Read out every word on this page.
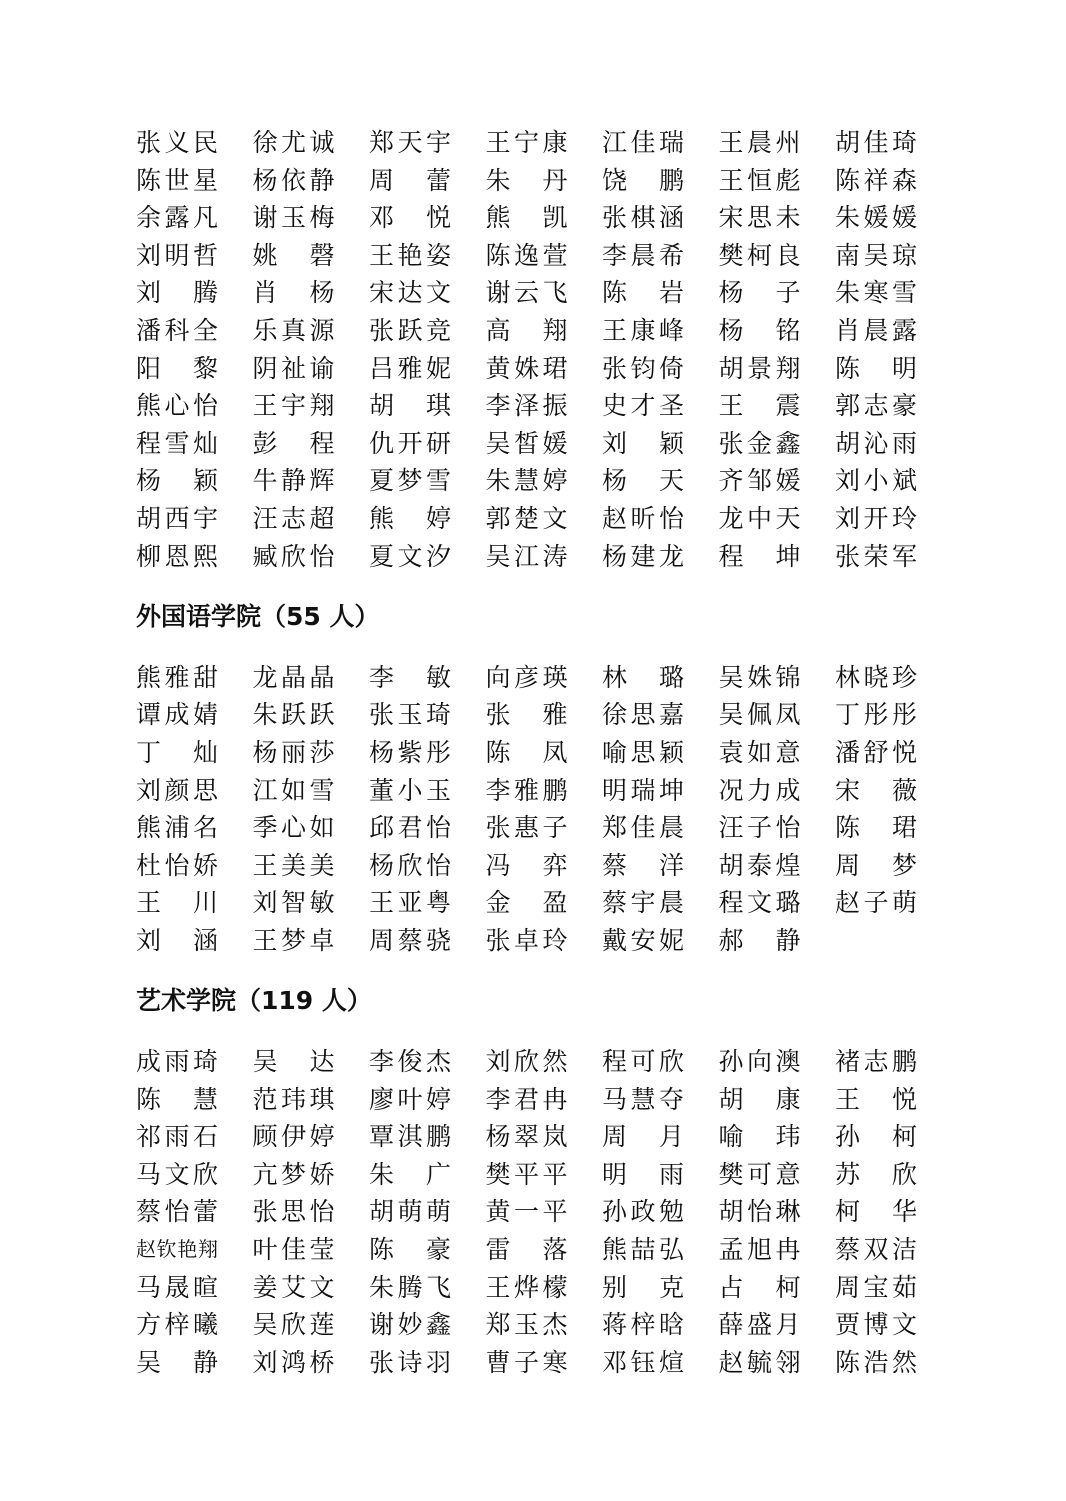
张 义 民 徐 尤 诚 郑 天 宇 王 宁 康 江 佳 瑞 王 晨 州 胡 佳 琦
陈 世 星 杨 依 静 周 蕾 朱 丹 饶 鹏 王 恒 彪 陈 祥 森
余 露 凡 谢 玉 梅 邓 悦 熊 凯 张 棋 涵 宋 思 未 朱 媛 媛
刘 明 哲 姚 磬 王 艳 姿 陈 逸 萱 李 晨 希 樊 柯 良 南 吴 琼
刘 腾 肖 杨 宋 达 文 谢 云 飞 陈 岩 杨 子 朱 寒 雪
潘 科 全 乐 真 源 张 跃 竞 高 翔 王 康 峰 杨 铭 肖 晨 露
阳 黎 阴 祉 谕 吕 雅 妮 黄 姝 珺 张 钧 倚 胡 景 翔 陈 明
熊 心 怡 王 宇 翔 胡 琪 李 泽 振 史 才 圣 王 震 郭 志 豪
程 雪 灿 彭 程 仇 开 研 吴 皙 媛 刘 颖 张 金 鑫 胡 沁 雨
杨 颖 牛 静 辉 夏 梦 雪 朱 慧 婷 杨 天 齐 邹 媛 刘 小 斌
胡 西 宇 汪 志 超 熊 婷 郭 楚 文 赵 昕 怡 龙 中 天 刘 开 玲
柳 恩 熙 臧 欣 怡 夏 文 汐 吴 江 涛 杨 建 龙 程 坤 张 荣 军
外国语学院（55 人）
熊 雅 甜 龙 晶 晶 李 敏 向 彦 瑛 林 璐 吴 姝 锦 林 晓 珍
谭 成 婧 朱 跃 跃 张 玉 琦 张 雅 徐 思 嘉 吴 佩 凤 丁 彤 彤
丁 灿 杨 丽 莎 杨 紫 彤 陈 凤 喻 思 颖 袁 如 意 潘 舒 悦
刘 颜 思 江 如 雪 董 小 玉 李 雅 鹏 明 瑞 坤 况 力 成 宋 薇
熊 浦 名 季 心 如 邱 君 怡 张 惠 子 郑 佳 晨 汪 子 怡 陈 珺
杜 怡 娇 王 美 美 杨 欣 怡 冯 弈 蔡 洋 胡 泰 煌 周 梦
王 川 刘 智 敏 王 亚 粤 金 盈 蔡 宇 晨 程 文 璐 赵 子 萌
刘 涵 王 梦 卓 周 蔡 骁 张 卓 玲 戴 安 妮 郝 静
艺术学院（119 人）
成 雨 琦 吴 达 李 俊 杰 刘 欣 然 程 可 欣 孙 向 澳 褚 志 鹏
陈 慧 范 玮 琪 廖 叶 婷 李 君 冉 马 慧 夺 胡 康 王 悦
祁 雨 石 顾 伊 婷 覃 淇 鹏 杨 翠 岚 周 月 喻 玮 孙 柯
马 文 欣 亢 梦 娇 朱 广 樊 平 平 明 雨 樊 可 意 苏 欣
蔡 怡 蕾 张 思 怡 胡 萌 萌 黄 一 平 孙 政 勉 胡 怡 琳 柯 华
赵 钦 艳 翔 叶 佳 莹 陈 豪 雷 落 熊 喆 弘 孟 旭 冉 蔡 双 洁
马 晟 暄 姜 艾 文 朱 腾 飞 王 烨 檬 别 克 占 柯 周 宝 茹
方 梓 曦 吴 欣 莲 谢 妙 鑫 郑 玉 杰 蒋 梓 晗 薛 盛 月 贾 博 文
吴 静 刘 鸿 桥 张 诗 羽 曹 子 寒 邓 钰 煊 赵 毓 翎 陈 浩 然
